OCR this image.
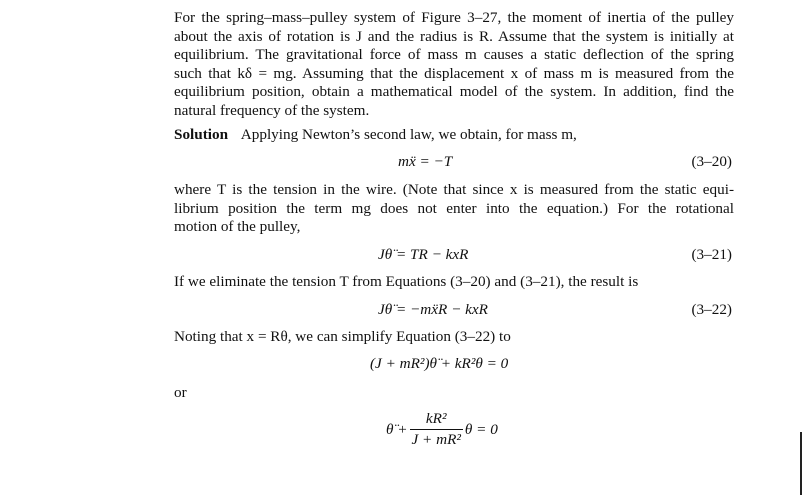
For the spring–mass–pulley system of Figure 3–27, the moment of inertia of the pulley
about the axis of rotation is J and the radius is R. Assume that the system is initially at
equilibrium. The gravitational force of mass m causes a static deflection of the spring
such that kδ = mg. Assuming that the displacement x of mass m is measured from the
equilibrium position, obtain a mathematical model of the system. In addition, find the
natural frequency of the system.
Solution Applying Newton’s second law, we obtain, for mass m,
mẍ = −T	(3–20)
where T is the tension in the wire. (Note that since x is measured from the static equi-
librium position the term mg does not enter into the equation.) For the rotational
motion of the pulley,
Jθ̈ = TR − kxR	(3–21)
If we eliminate the tension T from Equations (3–20) and (3–21), the result is
Jθ̈ = −mẍR − kxR	(3–22)
Noting that x = Rθ, we can simplify Equation (3–22) to
(J + mR²)θ̈ + kR²θ = 0
or
θ̈ + $\frac{\text{kR²}}{\text{J + mR²}}$ θ = 0
